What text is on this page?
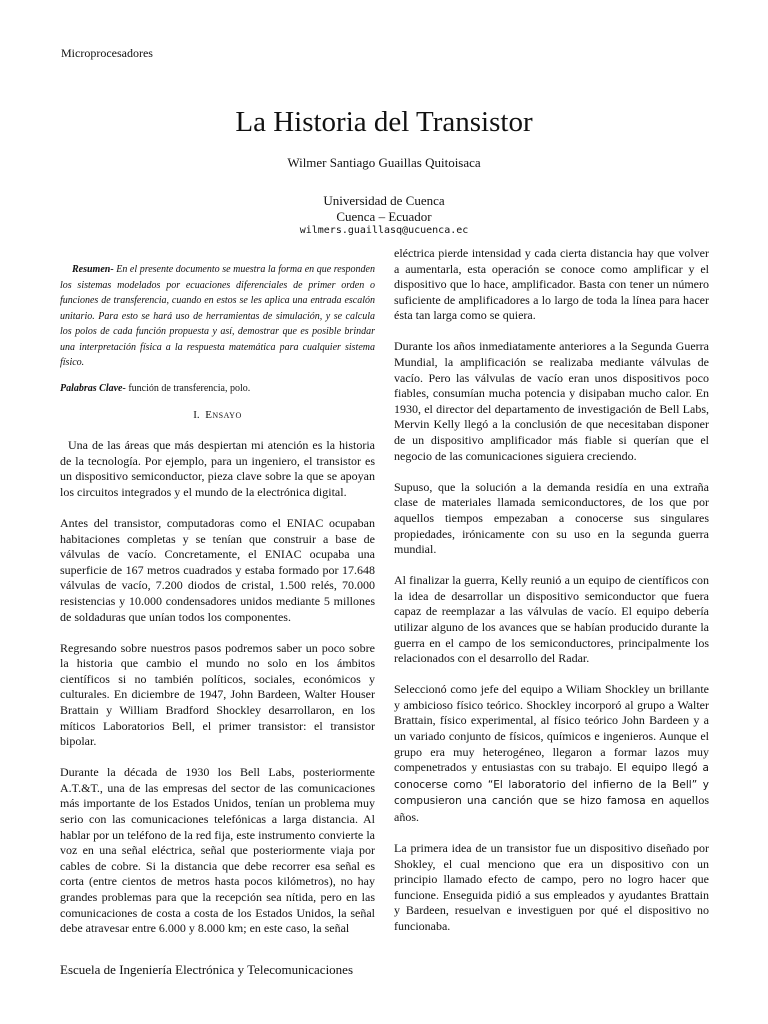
Microprocesadores
La Historia del Transistor
Wilmer Santiago Guaillas Quitoisaca
Universidad de Cuenca
Cuenca – Ecuador
wilmers.guaillasq@ucuenca.ec

Resumen- En el presente documento se muestra la forma en que responden los sistemas modelados por ecuaciones diferenciales de primer orden o funciones de transferencia, cuando en estos se les aplica una entrada escalón unitario. Para esto se hará uso de herramientas de simulación, y se calcula los polos de cada función propuesta y así, demostrar que es posible brindar una interpretación física a la respuesta matemática para cualquier sistema físico.

Palabras Clave- función de transferencia, polo.

I. Ensayo

Una de las áreas que más despiertan mi atención es la historia de la tecnología. Por ejemplo, para un ingeniero, el transistor es un dispositivo semiconductor, pieza clave sobre la que se apoyan los circuitos integrados y el mundo de la electrónica digital.

Antes del transistor, computadoras como el ENIAC ocupaban habitaciones completas y se tenían que construir a base de válvulas de vacío. Concretamente, el ENIAC ocupaba una superficie de 167 metros cuadrados y estaba formado por 17.648 válvulas de vacío, 7.200 diodos de cristal, 1.500 relés, 70.000 resistencias y 10.000 condensadores unidos mediante 5 millones de soldaduras que unían todos los componentes.

Regresando sobre nuestros pasos podremos saber un poco sobre la historia que cambio el mundo no solo en los ámbitos científicos si no también políticos, sociales, económicos y culturales. En diciembre de 1947, John Bardeen, Walter Houser Brattain y William Bradford Shockley desarrollaron, en los míticos Laboratorios Bell, el primer transistor: el transistor bipolar.

Durante la década de 1930 los Bell Labs, posteriormente A.T.&T., una de las empresas del sector de las comunicaciones más importante de los Estados Unidos, tenían un problema muy serio con las comunicaciones telefónicas a larga distancia. Al hablar por un teléfono de la red fija, este instrumento convierte la voz en una señal eléctrica, señal que posteriormente viaja por cables de cobre. Si la distancia que debe recorrer esa señal es corta (entre cientos de metros hasta pocos kilómetros), no hay grandes problemas para que la recepción sea nítida, pero en las comunicaciones de costa a costa de los Estados Unidos, la señal debe atravesar entre 6.000 y 8.000 km; en este caso, la señal

eléctrica pierde intensidad y cada cierta distancia hay que volver a aumentarla, esta operación se conoce como amplificar y el dispositivo que lo hace, amplificador. Basta con tener un número suficiente de amplificadores a lo largo de toda la línea para hacer ésta tan larga como se quiera.

Durante los años inmediatamente anteriores a la Segunda Guerra Mundial, la amplificación se realizaba mediante válvulas de vacío. Pero las válvulas de vacío eran unos dispositivos poco fiables, consumían mucha potencia y disipaban mucho calor. En 1930, el director del departamento de investigación de Bell Labs, Mervin Kelly llegó a la conclusión de que necesitaban disponer de un dispositivo amplificador más fiable si querían que el negocio de las comunicaciones siguiera creciendo.

Supuso, que la solución a la demanda residía en una extraña clase de materiales llamada semiconductores, de los que por aquellos tiempos empezaban a conocerse sus singulares propiedades, irónicamente con su uso en la segunda guerra mundial.

Al finalizar la guerra, Kelly reunió a un equipo de científicos con la idea de desarrollar un dispositivo semiconductor que fuera capaz de reemplazar a las válvulas de vacío. El equipo debería utilizar alguno de los avances que se habían producido durante la guerra en el campo de los semiconductores, principalmente los relacionados con el desarrollo del Radar.

Seleccionó como jefe del equipo a Wiliam Shockley un brillante y ambicioso físico teórico. Shockley incorporó al grupo a Walter Brattain, físico experimental, al físico teórico John Bardeen y a un variado conjunto de físicos, químicos e ingenieros. Aunque el grupo era muy heterogéneo, llegaron a formar lazos muy compenetrados y entusiastas con su trabajo. El equipo llegó a conocerse como “El laboratorio del infierno de la Bell” y compusieron una canción que se hizo famosa en aquellos años.

La primera idea de un transistor fue un dispositivo diseñado por Shokley, el cual menciono que era un dispositivo con un principio llamado efecto de campo, pero no logro hacer que funcione. Enseguida pidió a sus empleados y ayudantes Brattain y Bardeen, resuelvan e investiguen por qué el dispositivo no funcionaba.

Escuela de Ingeniería Electrónica y Telecomunicaciones
